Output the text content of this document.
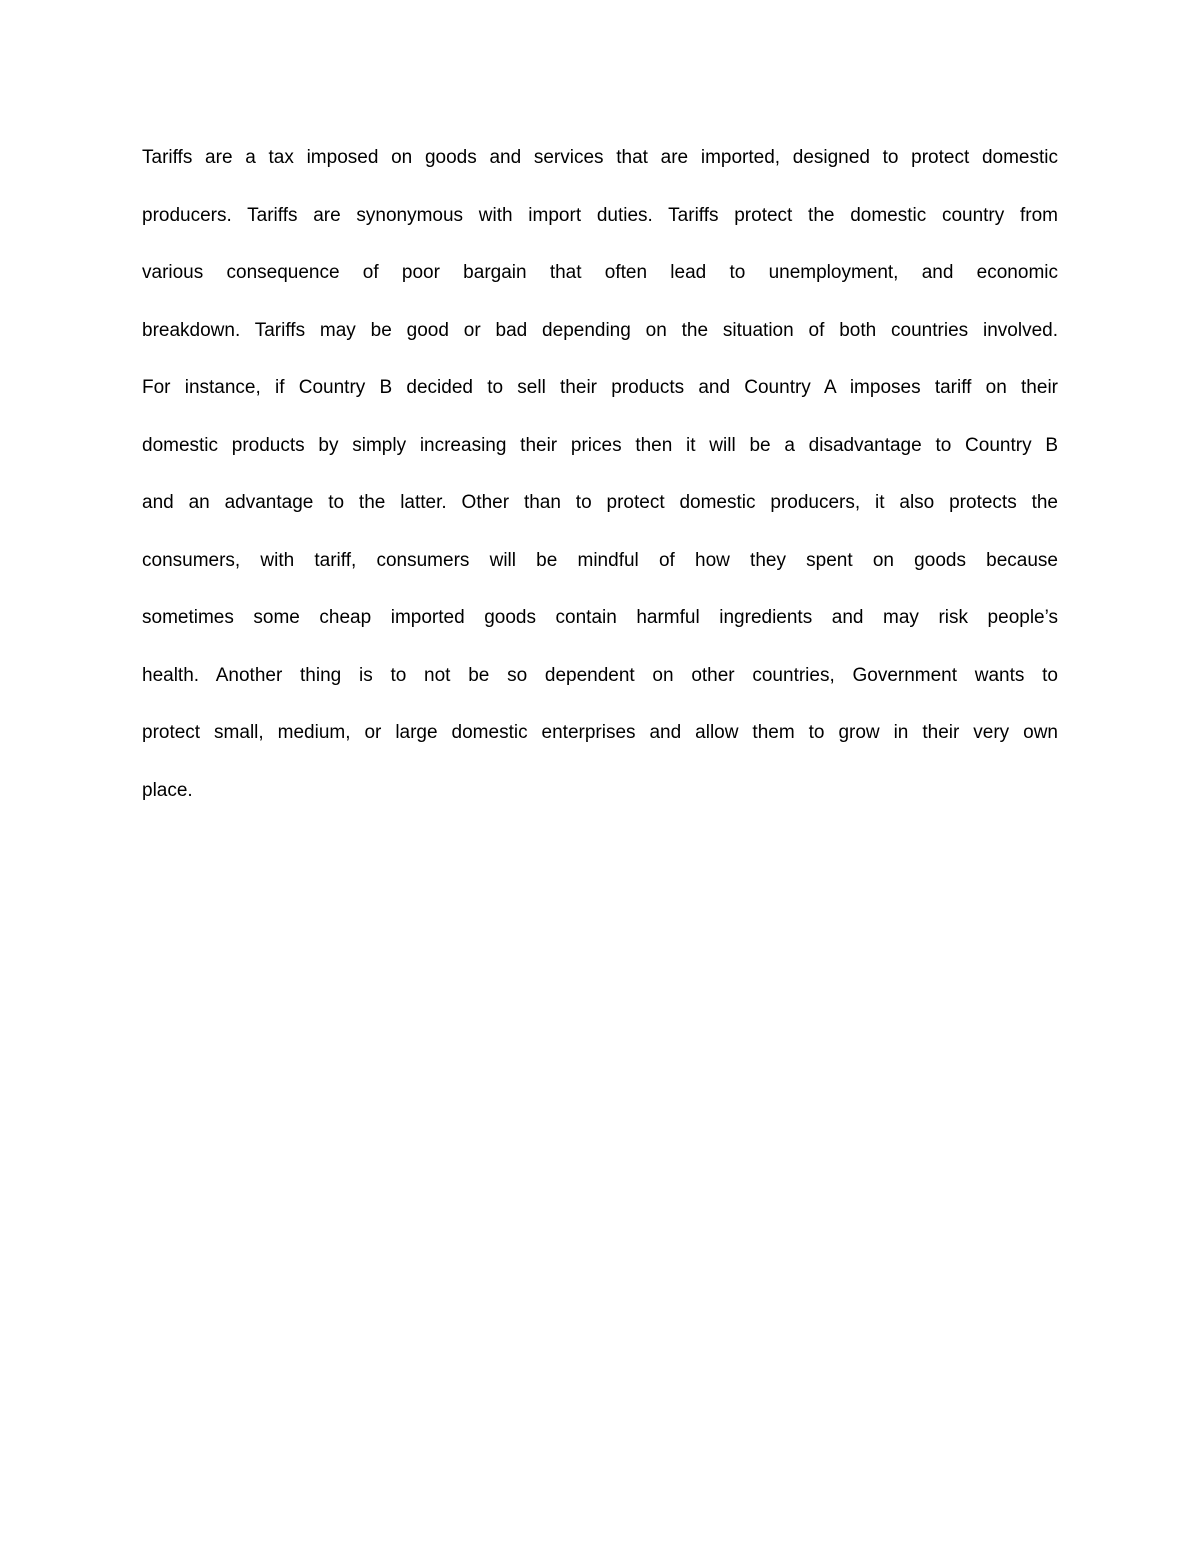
Tariffs are a tax imposed on goods and services that are imported, designed to protect domestic
producers. Tariffs are synonymous with import duties. Tariffs protect the domestic country from
various consequence of poor bargain that often lead to unemployment, and economic
breakdown. Tariffs may be good or bad depending on the situation of both countries involved.
For instance, if Country B decided to sell their products and Country A imposes tariff on their
domestic products by simply increasing their prices then it will be a disadvantage to Country B
and an advantage to the latter. Other than to protect domestic producers, it also protects the
consumers, with tariff, consumers will be mindful of how they spent on goods because
sometimes some cheap imported goods contain harmful ingredients and may risk people’s
health. Another thing is to not be so dependent on other countries, Government wants to
protect small, medium, or large domestic enterprises and allow them to grow in their very own
place.
